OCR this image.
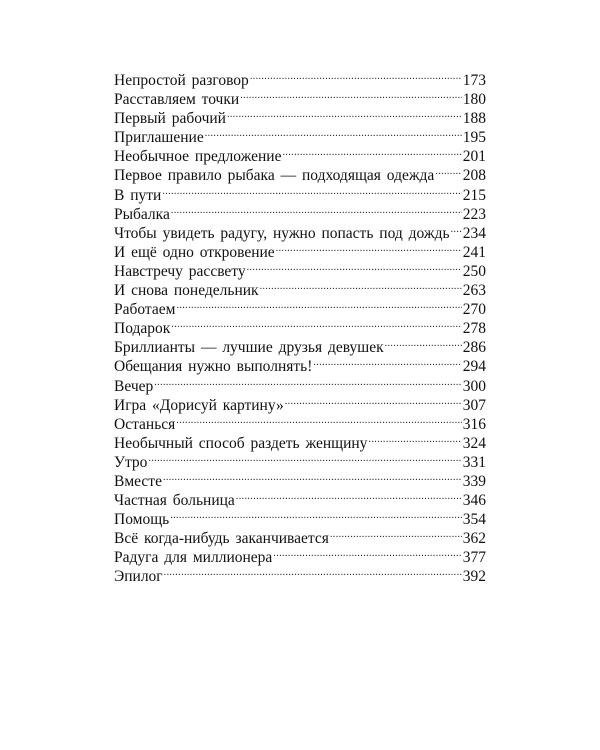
Непростой разговор .....	173
Расставляем точки .....	180
Первый рабочий .....	188
Приглашение .....	195
Необычное предложение .....	201
Первое правило рыбака — подходящая одежда ..... 208
В пути .....	215
Рыбалка .....	223
Чтобы увидеть радугу, нужно попасть под дождь ..... 234
И ещё одно откровение .....	241
Навстречу рассвету .....	250
И снова понедельник .....	263
Работаем .....	270
Подарок .....	278
Бриллианты — лучшие друзья девушек .....	286
Обещания нужно выполнять! .....	294
Вечер .....	300
Игра «Дорисуй картину» .....	307
Останься .....	316
Необычный способ раздеть женщину .....	324
Утро .....	331
Вместе .....	339
Частная больница .....	346
Помощь .....	354
Всё когда-нибудь заканчивается .....	362
Радуга для миллионера .....	377
Эпилог .....	392
